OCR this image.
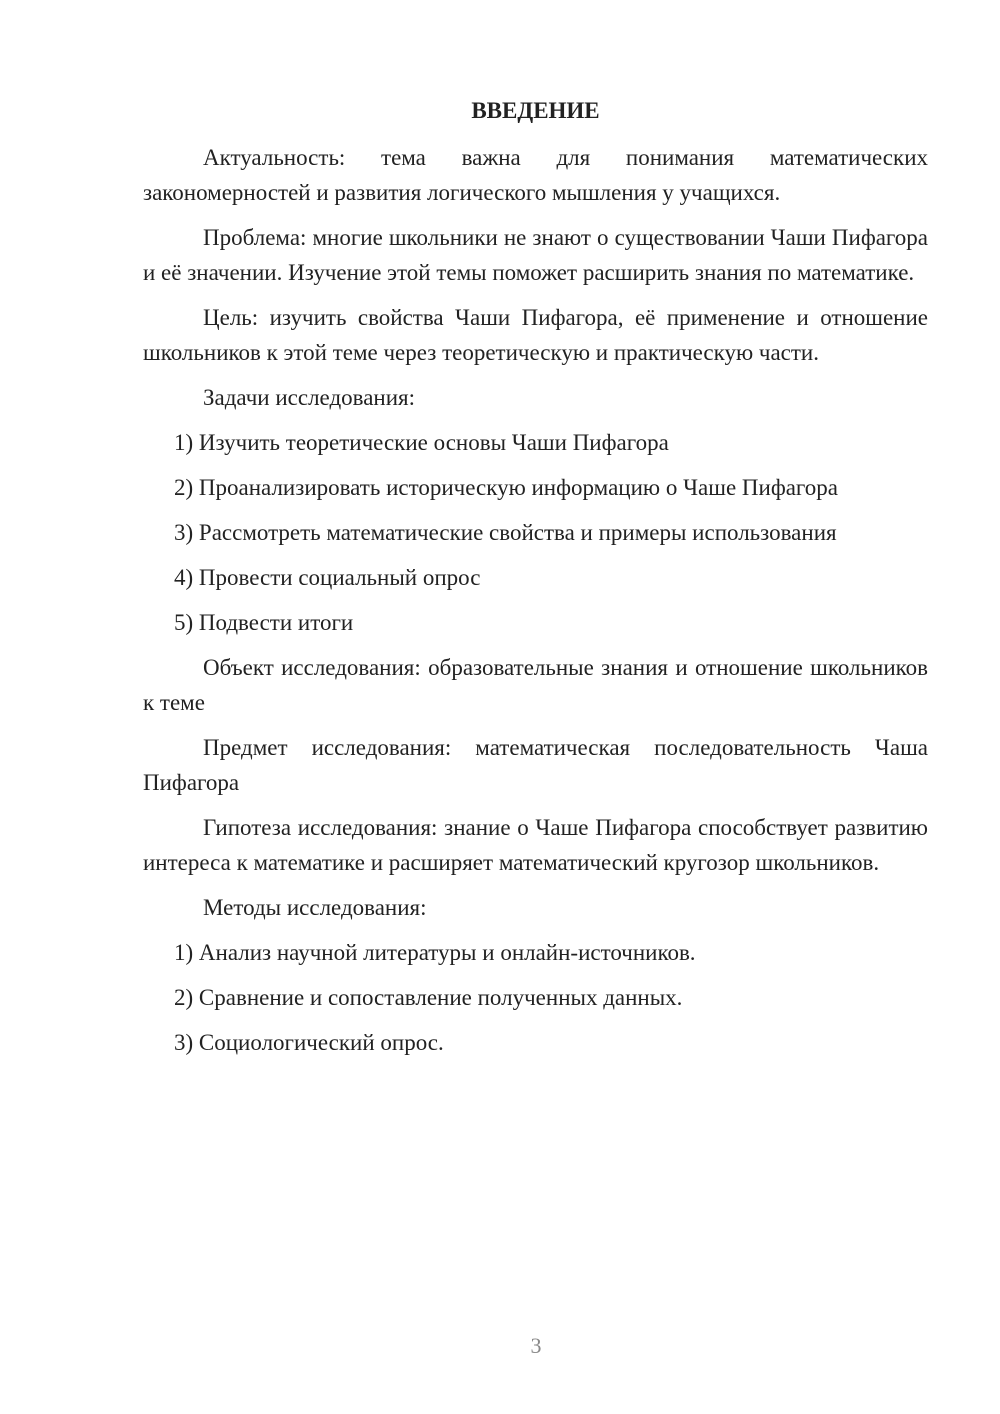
ВВЕДЕНИЕ

Актуальность: тема важна для понимания математических закономерностей и развития логического мышления у учащихся.

Проблема: многие школьники не знают о существовании Чаши Пифагора и её значении. Изучение этой темы поможет расширить знания по математике.

Цель: изучить свойства Чаши Пифагора, её применение и отношение школьников к этой теме через теоретическую и практическую части.

Задачи исследования:

1) Изучить теоретические основы Чаши Пифагора

2) Проанализировать историческую информацию о Чаше Пифагора

3) Рассмотреть математические свойства и примеры использования

4) Провести социальный опрос

5) Подвести итоги

Объект исследования: образовательные знания и отношение школьников к теме

Предмет исследования: математическая последовательность Чаша Пифагора

Гипотеза исследования: знание о Чаше Пифагора способствует развитию интереса к математике и расширяет математический кругозор школьников.

Методы исследования:

1) Анализ научной литературы и онлайн-источников.

2) Сравнение и сопоставление полученных данных.

3) Социологический опрос.

3
